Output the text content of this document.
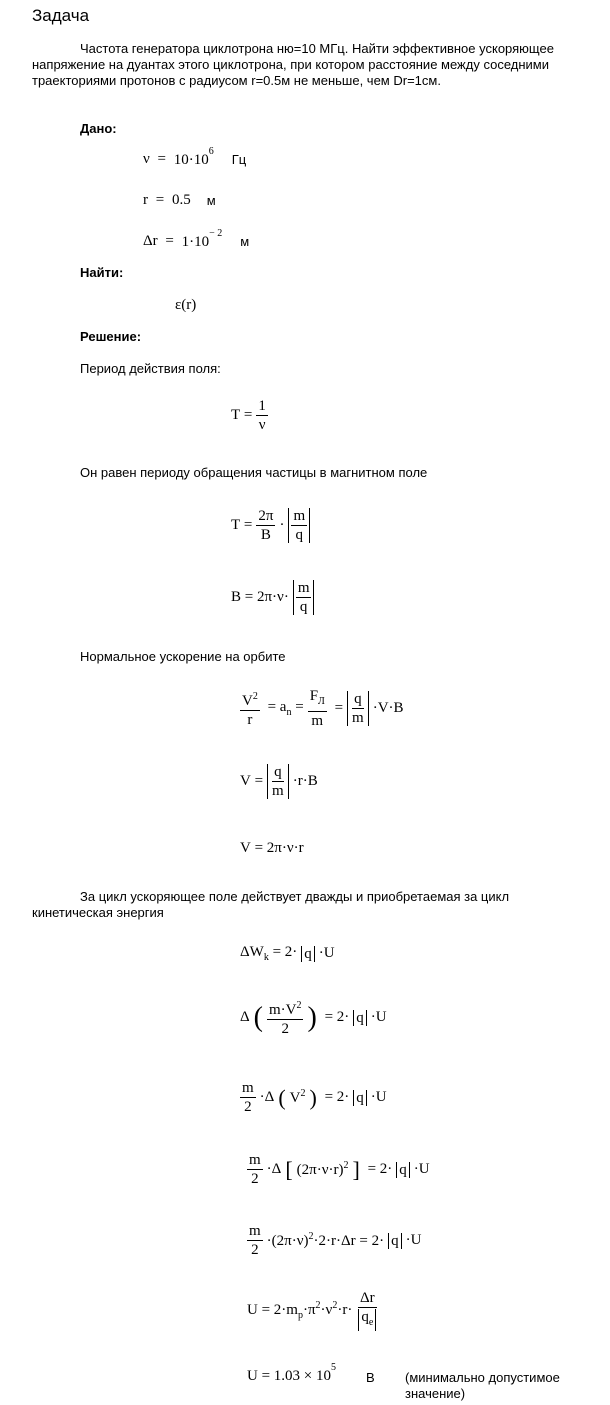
Задача
Частота генератора циклотрона ню=10 МГц. Найти эффективное ускоряющее
напряжение на дуантах этого циклотрона, при котором расстояние между соседними
траекториями протонов с радиусом r=0.5м не меньше, чем Dr=1см.
Дано:
$\nu = 10\cdot 10^6$
Гц
r = 0.5 м
$\Delta r = 1\cdot 10^{- 2}$
м
Найти:
ε(r)
Решение:
Период действия поля:
$T = \frac{1}{\nu}$
Он равен периоду обращения частицы в магнитном поле
$T = \frac{2\pi}{B} \cdot \frac{m}{q}$
$B = 2\pi\cdot\nu\cdot \frac{m}{q}$
Нормальное ускорение на орбите
$\frac{V^2}{r} = a_n = \frac{F_Л}{m} = \frac{q}{m} \cdot V\cdot B$
$V = \frac{q}{m} \cdot r\cdot B$
V = 2π·ν·r
За цикл ускоряющее поле действует дважды и приобретаемая за цикл
кинетическая энергия
$\Delta W_k = 2\cdot q \cdot U$
Δ ( $\frac{m\cdot V^2}{2}$ ) = 2· q ·U
$\frac{m}{2} \cdot\Delta$ ( $V^2$ ) = 2· q ·U
$\frac{m}{2} \cdot\Delta$ [ $(2\pi\cdot\nu\cdot r)^2$ ] = 2· q ·U
$\frac{m}{2} \cdot(2\pi\cdot\nu)^2\cdot 2\cdot r\cdot\Delta r = 2\cdot q \cdot U$
$U = 2\cdot m_p\cdot\pi^2\cdot\nu^2\cdot r\cdot \frac{\Delta r}{q_e}$
$U = 1.03 \times 10^5$
В (минимально допустимое
значение)
